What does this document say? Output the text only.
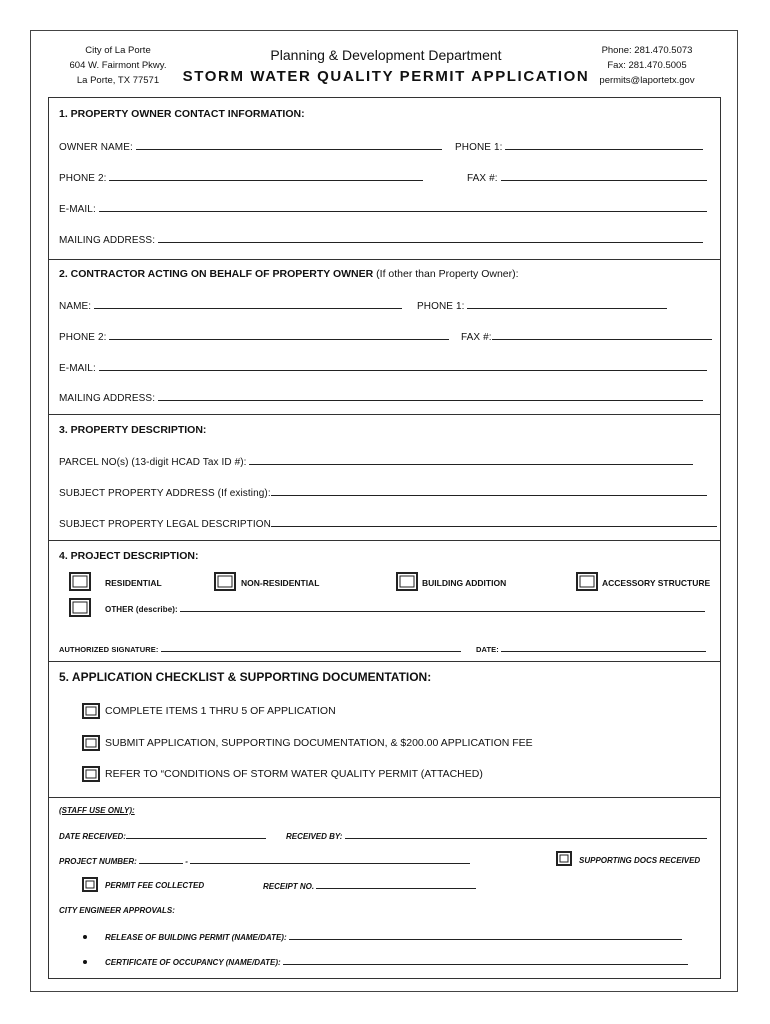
City of La Porte
604 W. Fairmont Pkwy.
La Porte, TX 77571
Planning & Development Department
STORM WATER QUALITY PERMIT APPLICATION
Phone: 281.470.5073
Fax: 281.470.5005
permits@laportetx.gov
1. PROPERTY OWNER CONTACT INFORMATION:
OWNER NAME:	PHONE 1:
PHONE 2:	FAX #:
E-MAIL:
MAILING ADDRESS:
2. CONTRACTOR ACTING ON BEHALF OF PROPERTY OWNER (If other than Property Owner):
NAME:	PHONE 1:
PHONE 2:	FAX #:
E-MAIL:
MAILING ADDRESS:
3. PROPERTY DESCRIPTION:
PARCEL NO(s) (13-digit HCAD Tax ID #):
SUBJECT PROPERTY ADDRESS (If existing):
SUBJECT PROPERTY LEGAL DESCRIPTION
4. PROJECT DESCRIPTION:
RESIDENTIAL	NON-RESIDENTIAL	BUILDING ADDITION	ACCESSORY STRUCTURE
OTHER (describe):
AUTHORIZED SIGNATURE:	DATE:
5. APPLICATION CHECKLIST & SUPPORTING DOCUMENTATION:
COMPLETE ITEMS 1 THRU 5 OF APPLICATION
SUBMIT APPLICATION, SUPPORTING DOCUMENTATION, & $200.00 APPLICATION FEE
REFER TO “CONDITIONS OF STORM WATER QUALITY PERMIT (ATTACHED)
(STAFF USE ONLY):
DATE RECEIVED:	RECEIVED BY:
PROJECT NUMBER:	-	SUPPORTING DOCS RECEIVED
PERMIT FEE COLLECTED	RECEIPT NO.
CITY ENGINEER APPROVALS:
RELEASE OF BUILDING PERMIT (NAME/DATE):
CERTIFICATE OF OCCUPANCY (NAME/DATE):
